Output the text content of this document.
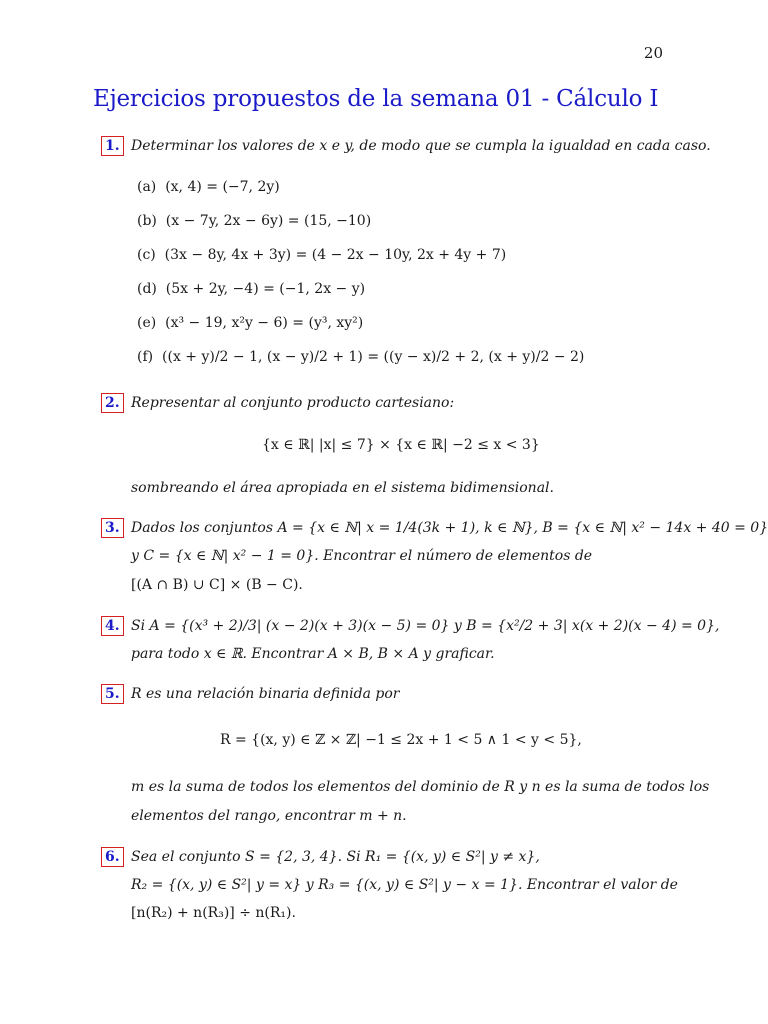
20
Ejercicios propuestos de la semana 01 - Cálculo I
1. Determinar los valores de x e y, de modo que se cumpla la igualdad en cada caso.
(a) (x, 4) = (−7, 2y)
(b) (x − 7y, 2x − 6y) = (15, −10)
(c) (3x − 8y, 4x + 3y) = (4 − 2x − 10y, 2x + 4y + 7)
(d) (5x + 2y, −4) = (−1, 2x − y)
(e) (x³ − 19, x²y − 6) = (y³, xy²)
(f) ((x + y)/2 − 1, (x − y)/2 + 1) = ((y − x)/2 + 2, (x + y)/2 − 2)
2. Representar al conjunto producto cartesiano:
{x ∈ ℝ| |x| ≤ 7} × {x ∈ ℝ| −2 ≤ x < 3}
sombreando el área apropiada en el sistema bidimensional.
3. Dados los conjuntos A = {x ∈ ℕ| x = 1/4(3k + 1), k ∈ ℕ}, B = {x ∈ ℕ| x² − 14x + 40 = 0}
y C = {x ∈ ℕ| x² − 1 = 0}. Encontrar el número de elementos de
[(A ∩ B) ∪ C] × (B − C).
4. Si A = {(x³ + 2)/3| (x − 2)(x + 3)(x − 5) = 0} y B = {x²/2 + 3| x(x + 2)(x − 4) = 0},
para todo x ∈ ℝ. Encontrar A × B, B × A y graficar.
5. R es una relación binaria definida por
R = {(x, y) ∈ ℤ × ℤ| −1 ≤ 2x + 1 < 5 ∧ 1 < y < 5},
m es la suma de todos los elementos del dominio de R y n es la suma de todos los
elementos del rango, encontrar m + n.
6. Sea el conjunto S = {2, 3, 4}. Si R₁ = {(x, y) ∈ S²| y ≠ x},
R₂ = {(x, y) ∈ S²| y = x} y R₃ = {(x, y) ∈ S²| y − x = 1}. Encontrar el valor de
[n(R₂) + n(R₃)] ÷ n(R₁).
